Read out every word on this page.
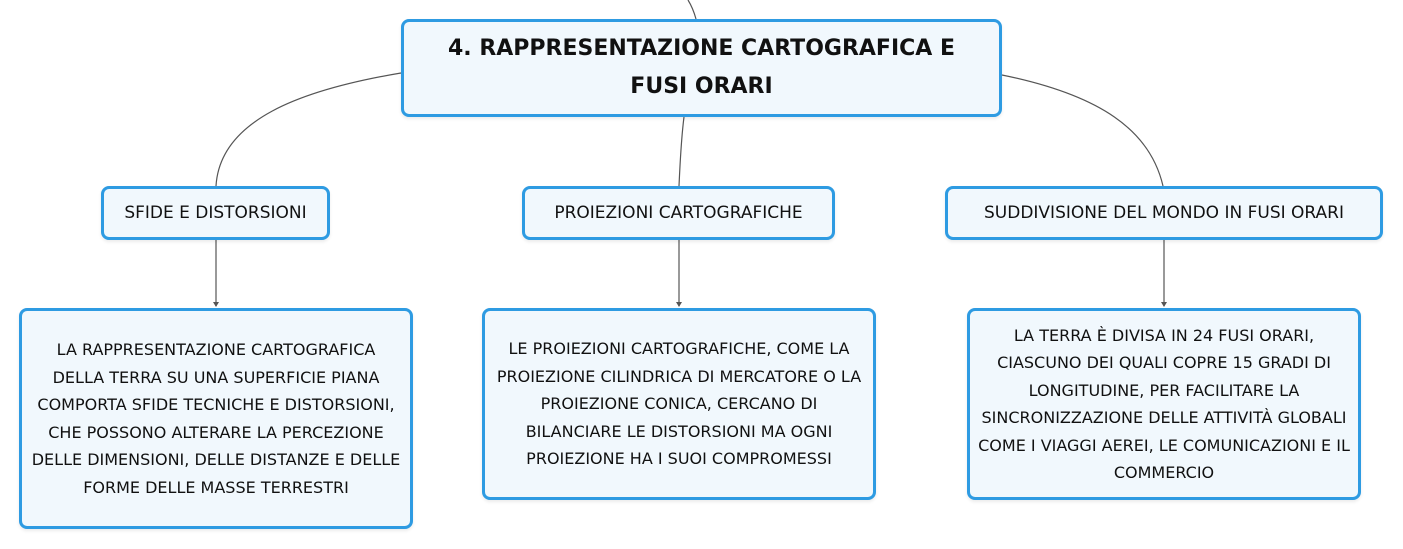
4. RAPPRESENTAZIONE CARTOGRAFICA E FUSI ORARI
SFIDE E DISTORSIONI	PROIEZIONI CARTOGRAFICHE	SUDDIVISIONE DEL MONDO IN FUSI ORARI
LA RAPPRESENTAZIONE CARTOGRAFICA DELLA TERRA SU UNA SUPERFICIE PIANA COMPORTA SFIDE TECNICHE E DISTORSIONI, CHE POSSONO ALTERARE LA PERCEZIONE DELLE DIMENSIONI, DELLE DISTANZE E DELLE FORME DELLE MASSE TERRESTRI
LE PROIEZIONI CARTOGRAFICHE, COME LA PROIEZIONE CILINDRICA DI MERCATORE O LA PROIEZIONE CONICA, CERCANO DI BILANCIARE LE DISTORSIONI MA OGNI PROIEZIONE HA I SUOI COMPROMESSI
LA TERRA È DIVISA IN 24 FUSI ORARI, CIASCUNO DEI QUALI COPRE 15 GRADI DI LONGITUDINE, PER FACILITARE LA SINCRONIZZAZIONE DELLE ATTIVITÀ GLOBALI COME I VIAGGI AEREI, LE COMUNICAZIONI E IL COMMERCIO
